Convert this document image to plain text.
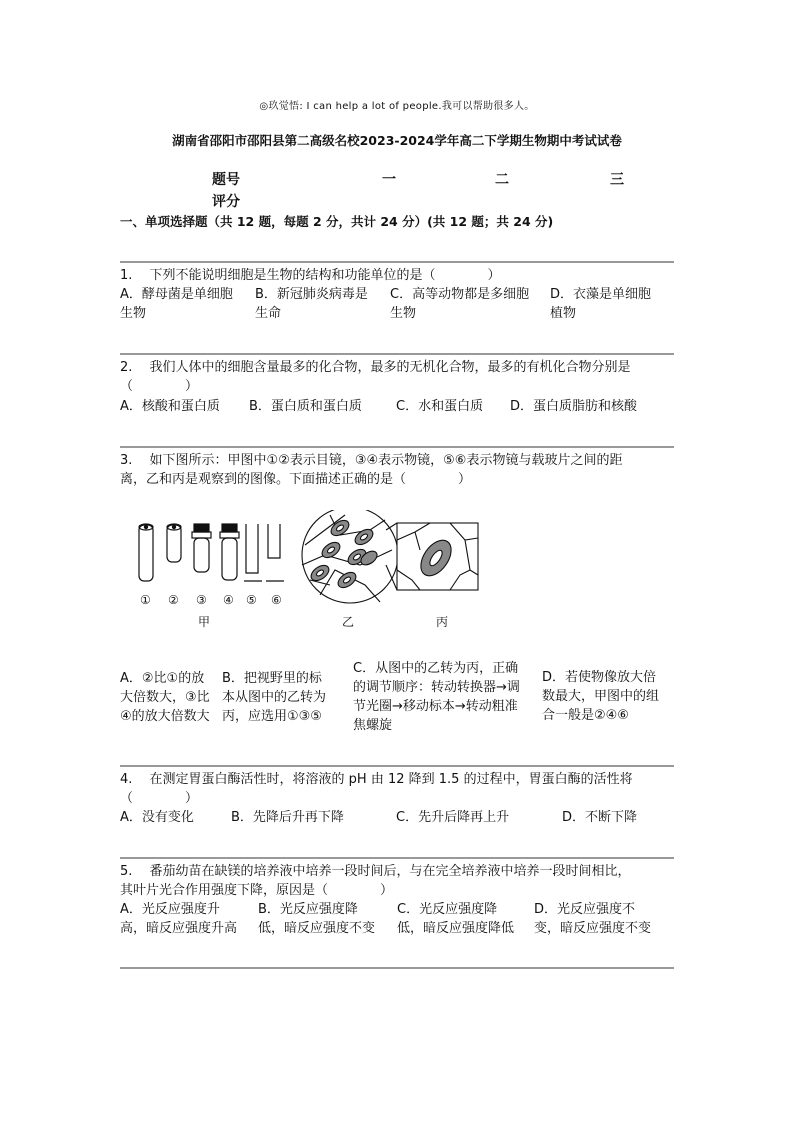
◎玖觉悟: I can help a lot of people.我可以帮助很多人。
湖南省邵阳市邵阳县第二高级名校2023-2024学年高二下学期生物期中考试试卷
题号	一	二	三
评分
一、单项选择题（共 12 题，每题 2 分，共计 24 分）(共 12 题；共 24 分)
1.　 下列不能说明细胞是生物的结构和功能单位的是（　　　　）
A．酵母菌是单细胞
生物
B．新冠肺炎病毒是
生命
C．高等动物都是多细胞
生物
D．衣藻是单细胞
植物
2.　 我们人体中的细胞含量最多的化合物，最多的无机化合物，最多的有机化合物分别是
（　　　　）
A．核酸和蛋白质 B．蛋白质和蛋白质	C．水和蛋白质 D．蛋白质脂肪和核酸
3.　 如下图所示：甲图中①②表示目镜，③④表示物镜，⑤⑥表示物镜与载玻片之间的距
离，乙和丙是观察到的图像。下面描述正确的是（　　　　）
① ② ③ ④ ⑤ ⑥
甲	乙	丙
A．②比①的放
大倍数大，③比
④的放大倍数大
B．把视野里的标
本从图中的乙转为
丙，应选用①③⑤
C．从图中的乙转为丙，正确
的调节顺序：转动转换器→调
节光圈→移动标本→转动粗准
焦螺旋
D．若使物像放大倍
数最大，甲图中的组
合一般是②④⑥
4.　 在测定胃蛋白酶活性时，将溶液的 pH 由 12 降到 1.5 的过程中，胃蛋白酶的活性将
（　　　　）
A．没有变化	B．先降后升再下降	C．先升后降再上升	D．不断下降
5.　 番茄幼苗在缺镁的培养液中培养一段时间后，与在完全培养液中培养一段时间相比，
其叶片光合作用强度下降，原因是（　　　　）
A．光反应强度升
高，暗反应强度升高
B．光反应强度降
低，暗反应强度不变
C．光反应强度降
低，暗反应强度降低
D．光反应强度不
变，暗反应强度不变
